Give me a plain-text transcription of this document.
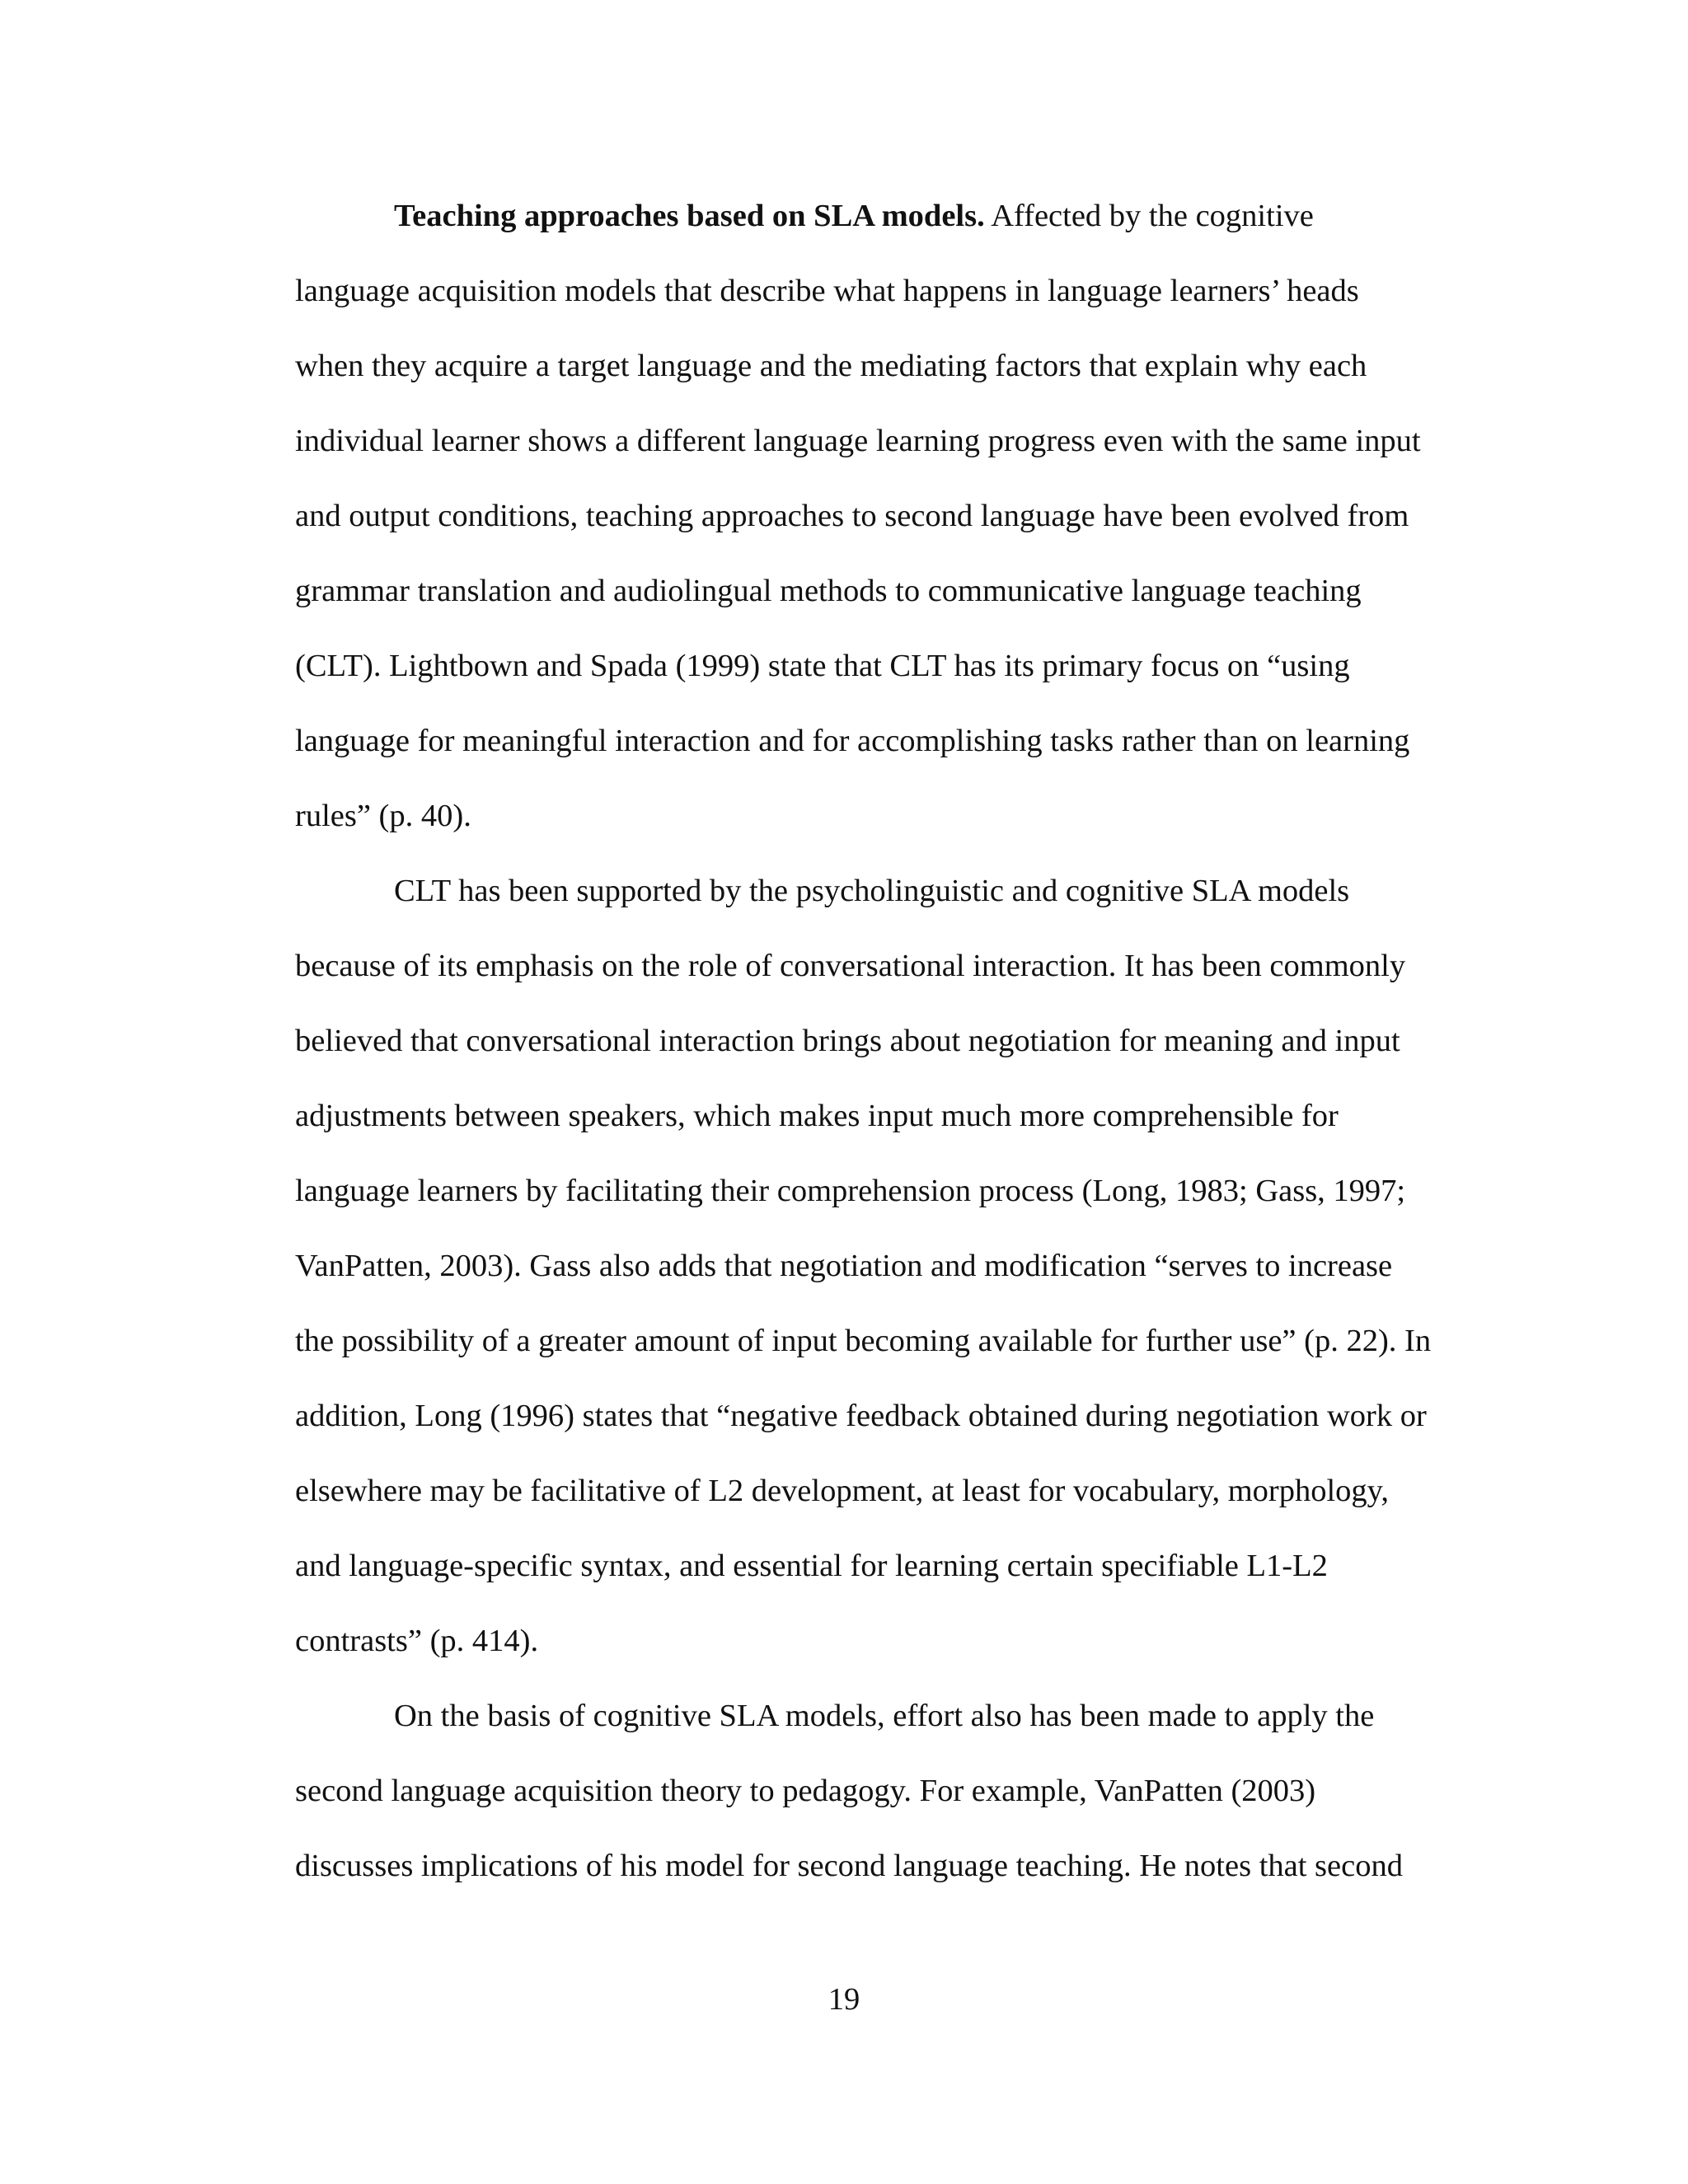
Teaching approaches based on SLA models. Affected by the cognitive
language acquisition models that describe what happens in language learners’ heads
when they acquire a target language and the mediating factors that explain why each
individual learner shows a different language learning progress even with the same input
and output conditions, teaching approaches to second language have been evolved from
grammar translation and audiolingual methods to communicative language teaching
(CLT). Lightbown and Spada (1999) state that CLT has its primary focus on “using
language for meaningful interaction and for accomplishing tasks rather than on learning
rules” (p. 40).
CLT has been supported by the psycholinguistic and cognitive SLA models
because of its emphasis on the role of conversational interaction. It has been commonly
believed that conversational interaction brings about negotiation for meaning and input
adjustments between speakers, which makes input much more comprehensible for
language learners by facilitating their comprehension process (Long, 1983; Gass, 1997;
VanPatten, 2003). Gass also adds that negotiation and modification “serves to increase
the possibility of a greater amount of input becoming available for further use” (p. 22). In
addition, Long (1996) states that “negative feedback obtained during negotiation work or
elsewhere may be facilitative of L2 development, at least for vocabulary, morphology,
and language-specific syntax, and essential for learning certain specifiable L1-L2
contrasts” (p. 414).
On the basis of cognitive SLA models, effort also has been made to apply the
second language acquisition theory to pedagogy. For example, VanPatten (2003)
discusses implications of his model for second language teaching. He notes that second
19
